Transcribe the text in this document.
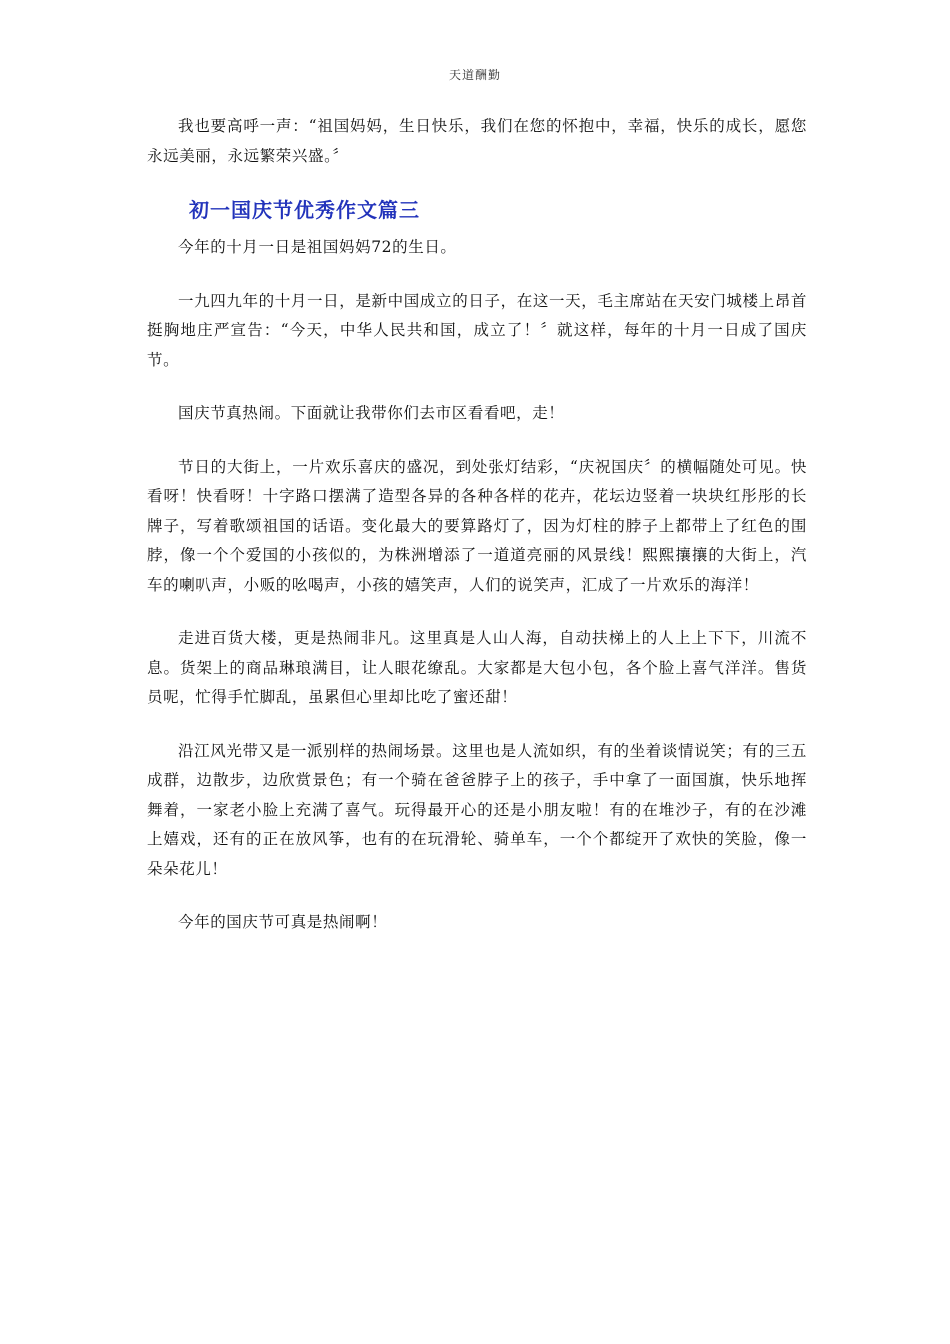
天道酬勤

我也要高呼一声：“祖国妈妈，生日快乐，我们在您的怀抱中，幸福，快乐的成长，愿您永远美丽，永远繁荣兴盛。〞

初一国庆节优秀作文篇三

今年的十月一日是祖国妈妈72的生日。

一九四九年的十月一日，是新中国成立的日子，在这一天，毛主席站在天安门城楼上昂首挺胸地庄严宣告：“今天，中华人民共和国，成立了！〞就这样，每年的十月一日成了国庆节。

国庆节真热闹。下面就让我带你们去市区看看吧，走！

节日的大街上，一片欢乐喜庆的盛况，到处张灯结彩，“庆祝国庆〞的横幅随处可见。快看呀！快看呀！十字路口摆满了造型各异的各种各样的花卉，花坛边竖着一块块红彤彤的长牌子，写着歌颂祖国的话语。变化最大的要算路灯了，因为灯柱的脖子上都带上了红色的围脖，像一个个爱国的小孩似的，为株洲增添了一道道亮丽的风景线！熙熙攘攘的大街上，汽车的喇叭声，小贩的吆喝声，小孩的嬉笑声，人们的说笑声，汇成了一片欢乐的海洋！

走进百货大楼，更是热闹非凡。这里真是人山人海，自动扶梯上的人上上下下，川流不息。货架上的商品琳琅满目，让人眼花缭乱。大家都是大包小包，各个脸上喜气洋洋。售货员呢，忙得手忙脚乱，虽累但心里却比吃了蜜还甜！

沿江风光带又是一派别样的热闹场景。这里也是人流如织，有的坐着谈情说笑；有的三五成群，边散步，边欣赏景色；有一个骑在爸爸脖子上的孩子，手中拿了一面国旗，快乐地挥舞着，一家老小脸上充满了喜气。玩得最开心的还是小朋友啦！有的在堆沙子，有的在沙滩上嬉戏，还有的正在放风筝，也有的在玩滑轮、骑单车，一个个都绽开了欢快的笑脸，像一朵朵花儿！

今年的国庆节可真是热闹啊！
